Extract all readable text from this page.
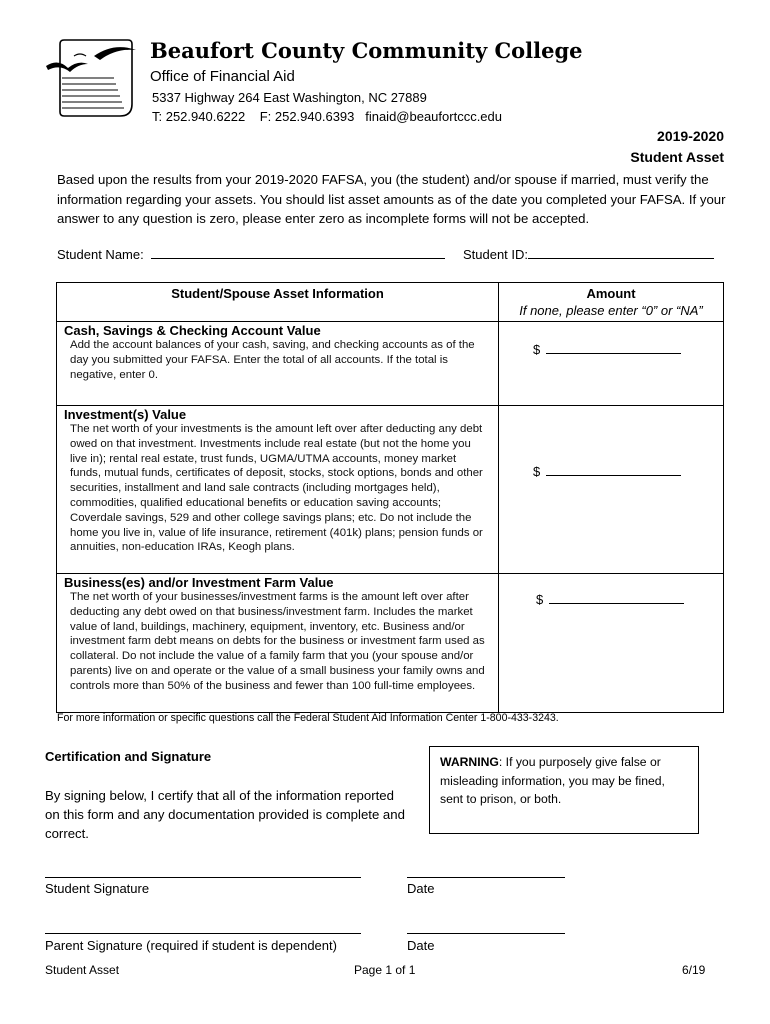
Beaufort County Community College
Office of Financial Aid
5337 Highway 264 East Washington, NC 27889
T: 252.940.6222    F: 252.940.6393   finaid@beaufortccc.edu
2019-2020
Student Asset
Based upon the results from your 2019-2020 FAFSA, you (the student) and/or spouse if married, must verify the information regarding your assets. You should list asset amounts as of the date you completed your FAFSA. If your answer to any question is zero, please enter zero as incomplete forms will not be accepted.
Student Name:	Student ID:
Student/Spouse Asset Information	Amount
If none, please enter “0” or “NA”

Cash, Savings & Checking Account Value
Add the account balances of your cash, saving, and checking accounts as of the day you submitted your FAFSA. Enter the total of all accounts. If the total is negative, enter 0.	$

Investment(s) Value
The net worth of your investments is the amount left over after deducting any debt owed on that investment. Investments include real estate (but not the home you live in); rental real estate, trust funds, UGMA/UTMA accounts, money market funds, mutual funds, certificates of deposit, stocks, stock options, bonds and other securities, installment and land sale contracts (including mortgages held), commodities, qualified educational benefits or education saving accounts; Coverdale savings, 529 and other college savings plans; etc. Do not include the home you live in, value of life insurance, retirement (401k) plans; pension funds or annuities, non-education IRAs, Keogh plans.	$

Business(es) and/or Investment Farm Value
The net worth of your businesses/investment farms is the amount left over after deducting any debt owed on that business/investment farm. Includes the market value of land, buildings, machinery, equipment, inventory, etc. Business and/or investment farm debt means on debts for the business or investment farm used as collateral. Do not include the value of a family farm that you (your spouse and/or parents) live on and operate or the value of a small business your family owns and controls more than 50% of the business and fewer than 100 full-time employees.	$
For more information or specific questions call the Federal Student Aid Information Center 1-800-433-3243.
Certification and Signature
By signing below, I certify that all of the information reported on this form and any documentation provided is complete and correct.
WARNING: If you purposely give false or misleading information, you may be fined, sent to prison, or both.
Student Signature	Date
Parent Signature (required if student is dependent)	Date
Student Asset	Page 1 of 1	6/19
